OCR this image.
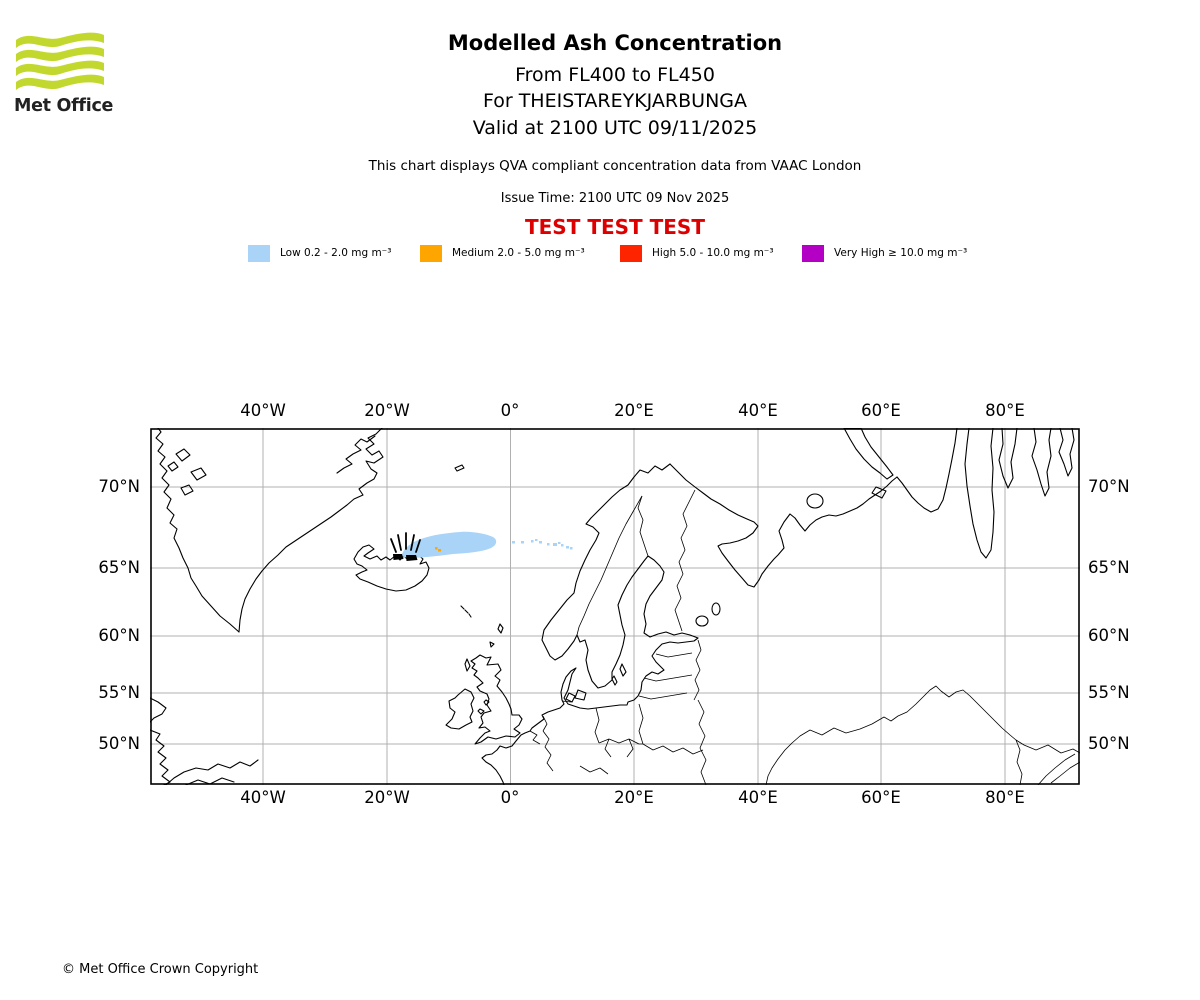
Met Office
Modelled Ash Concentration
From FL400 to FL450
For THEISTAREYKJARBUNGA
Valid at 2100 UTC 09/11/2025
This chart displays QVA compliant concentration data from VAAC London
Issue Time: 2100 UTC 09 Nov 2025
TEST TEST TEST
Low 0.2 - 2.0 mg m⁻³	Medium 2.0 - 5.0 mg m⁻³	High 5.0 - 10.0 mg m⁻³	Very High ≥ 10.0 mg m⁻³
40°W	20°W	0°	20°E	40°E	60°E	80°E
40°W	20°W	0°	20°E	40°E	60°E	80°E
70°N
65°N
60°N
55°N
50°N
70°N
65°N
60°N
55°N
50°N
© Met Office Crown Copyright
